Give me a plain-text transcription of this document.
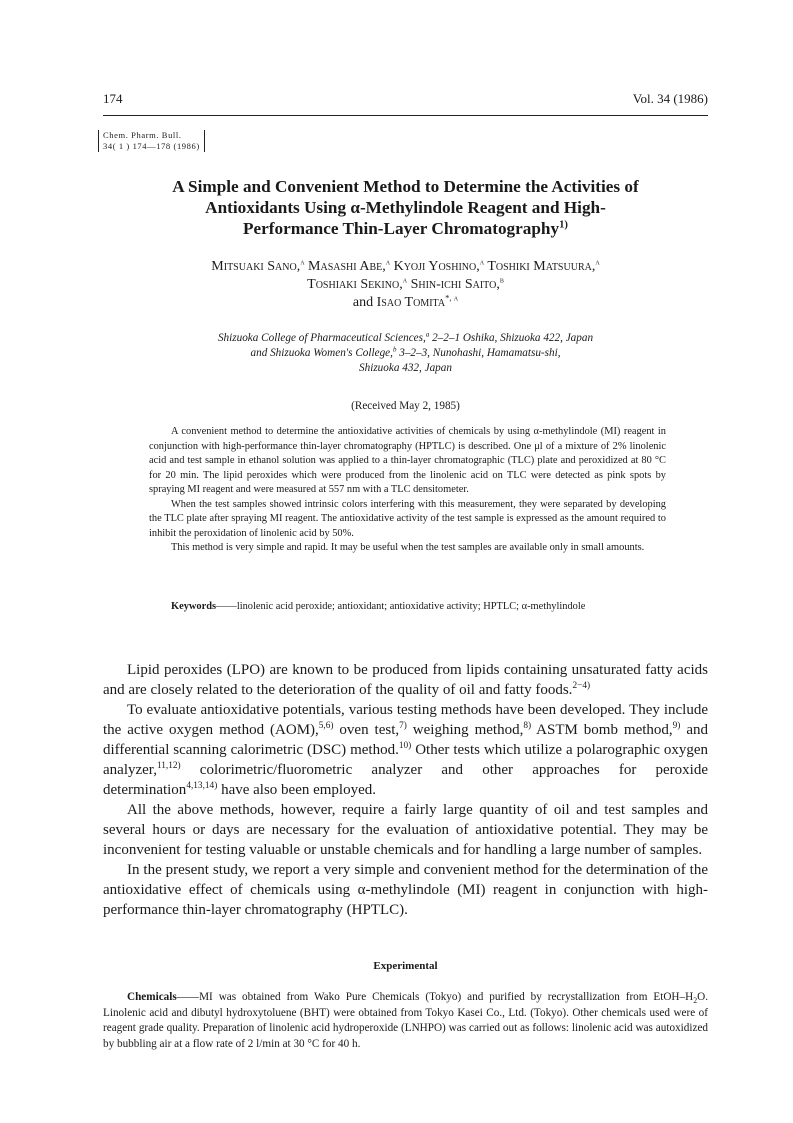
174	Vol. 34 (1986)
Chem. Pharm. Bull.
34( 1 ) 174—178 (1986)
A Simple and Convenient Method to Determine the Activities of
Antioxidants Using α-Methylindole Reagent and High-
Performance Thin-Layer Chromatography$^{1)}$
Mitsuaki Sano,$^a$ Masashi Abe,$^a$ Kyoji Yoshino,$^a$ Toshiki Matsuura,$^a$
Toshiaki Sekino,$^a$ Shin-ichi Saito,$^b$
and Isao Tomita$^{*, a}$
Shizuoka College of Pharmaceutical Sciences,$^a$ 2–2–1 Oshika, Shizuoka 422, Japan
and Shizuoka Women's College,$^b$ 3–2–3, Nunohashi, Hamamatsu-shi,
Shizuoka 432, Japan
(Received May 2, 1985)

A convenient method to determine the antioxidative activities of chemicals by using α-methylindole (MI) reagent in conjunction with high-performance thin-layer chromatography (HPTLC) is described. One μl of a mixture of 2% linolenic acid and test sample in ethanol solution was applied to a thin-layer chromatographic (TLC) plate and peroxidized at 80 °C for 20 min. The lipid peroxides which were produced from the linolenic acid on TLC were detected as pink spots by spraying MI reagent and were measured at 557 nm with a TLC densitometer.

When the test samples showed intrinsic colors interfering with this measurement, they were separated by developing the TLC plate after spraying MI reagent. The antioxidative activity of the test sample is expressed as the amount required to inhibit the peroxidation of linolenic acid by 50%.

This method is very simple and rapid. It may be useful when the test samples are available only in small amounts.

Keywords——linolenic acid peroxide; antioxidant; antioxidative activity; HPTLC; α-methylindole

Lipid peroxides (LPO) are known to be produced from lipids containing unsaturated fatty acids and are closely related to the deterioration of the quality of oil and fatty foods.$^{2-4)}$

To evaluate antioxidative potentials, various testing methods have been developed. They include the active oxygen method (AOM),$^{5,6)}$ oven test,$^{7)}$ weighing method,$^{8)}$ ASTM bomb method,$^{9)}$ and differential scanning calorimetric (DSC) method.$^{10)}$ Other tests which utilize a polarographic oxygen analyzer,$^{11,12)}$ colorimetric/fluorometric analyzer and other approaches for peroxide determination$^{4,13,14)}$ have also been employed.

All the above methods, however, require a fairly large quantity of oil and test samples and several hours or days are necessary for the evaluation of antioxidative potential. They may be inconvenient for testing valuable or unstable chemicals and for handling a large number of samples.

In the present study, we report a very simple and convenient method for the determination of the antioxidative effect of chemicals using α-methylindole (MI) reagent in conjunction with high-performance thin-layer chromatography (HPTLC).

Experimental
Chemicals——MI was obtained from Wako Pure Chemicals (Tokyo) and purified by recrystallization from EtOH–$H_2O$. Linolenic acid and dibutyl hydroxytoluene (BHT) were obtained from Tokyo Kasei Co., Ltd. (Tokyo). Other chemicals used were of reagent grade quality. Preparation of linolenic acid hydroperoxide (LNHPO) was carried out as follows: linolenic acid was autoxidized by bubbling air at a flow rate of 2 l/min at 30 °C for 40 h.
